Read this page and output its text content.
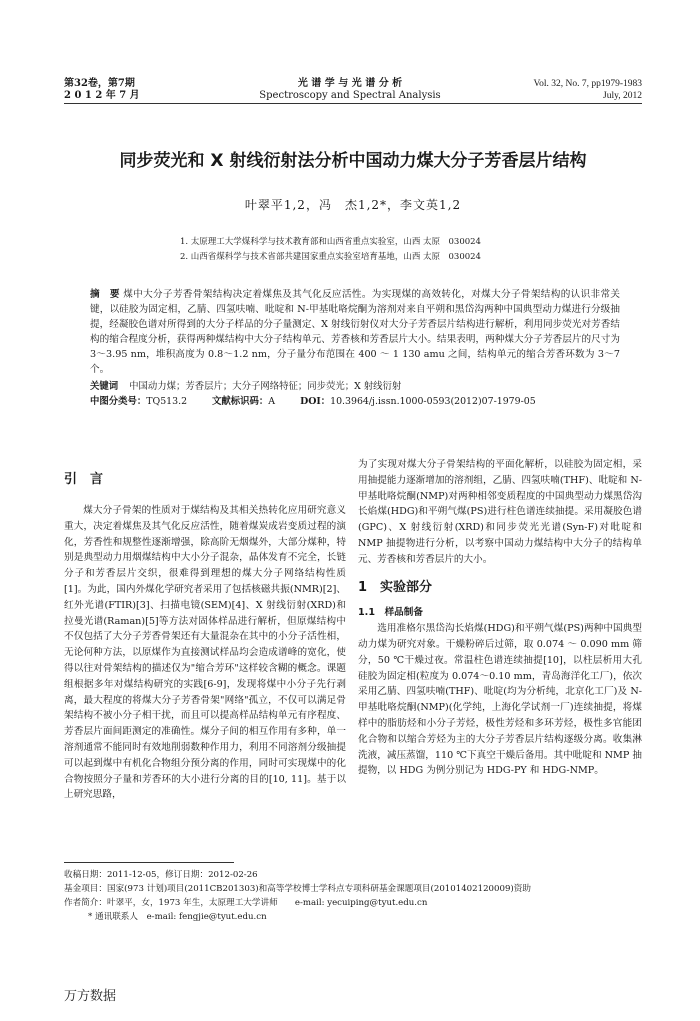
第32卷，第7期
2 0 1 2 年 7 月
光 谱 学 与 光 谱 分 析
Spectroscopy and Spectral Analysis
Vol. 32, No. 7, pp1979-1983
July, 2012
同步荧光和 X 射线衍射法分析中国动力煤大分子芳香层片结构
叶翠平1,2，冯　杰1,2*，李文英1,2
1. 太原理工大学煤科学与技术教育部和山西省重点实验室，山西 太原　030024
2. 山西省煤科学与技术省部共建国家重点实验室培育基地，山西 太原　030024
摘　要 煤中大分子芳香骨架结构决定着煤焦及其气化反应活性。为实现煤的高效转化，对煤大分子骨架结构的认识非常关键，以硅胶为固定相，乙腈、四氢呋喃、吡啶和 N-甲基吡咯烷酮为溶剂对来自平朔和黑岱沟两种中国典型动力煤进行分级抽提，经凝胶色谱对所得到的大分子样品的分子量测定、X 射线衍射仪对大分子芳香层片结构进行解析，利用同步荧光对芳香结构的缩合程度分析，获得两种煤结构中大分子结构单元、芳香核和芳香层片大小。结果表明，两种煤大分子芳香层片的尺寸为 3～3.95 nm，堆积高度为 0.8～1.2 nm，分子量分布范围在 400 ～ 1 130 amu 之间，结构单元的缩合芳香环数为 3～7 个。
关键词 中国动力煤；芳香层片；大分子网络特征；同步荧光；X 射线衍射
中图分类号：TQ513.2	文献标识码：A	DOI：10.3964/j.issn.1000-0593(2012)07-1979-05
引　言
煤大分子骨架的性质对于煤结构及其相关热转化应用研究意义重大，决定着煤焦及其气化反应活性，随着煤炭成岩变质过程的演化，芳香性和规整性逐渐增强，除高阶无烟煤外，大部分煤种，特别是典型动力用烟煤结构中大小分子混杂，晶体发育不完全，长链分子和芳香层片交织，很难得到理想的煤大分子网络结构性质[1]。为此，国内外煤化学研究者采用了包括核磁共振(NMR)[2]、红外光谱(FTIR)[3]、扫描电镜(SEM)[4]、X 射线衍射(XRD)和拉曼光谱(Raman)[5]等方法对固体样品进行解析，但原煤结构中不仅包括了大分子芳香骨架还有大量混杂在其中的小分子活性相，无论何种方法，以原煤作为直接测试样品均会造成谱峰的宽化，使得以往对骨架结构的描述仅为"缩合芳环"这样较含糊的概念。课题组根据多年对煤结构研究的实践[6-9]，发现将煤中小分子先行剥离，最大程度的将煤大分子芳香骨架"网络"孤立，不仅可以满足骨架结构不被小分子相干扰，而且可以提高样品结构单元有序程度、芳香层片面间距测定的准确性。煤分子间的相互作用有多种，单一溶剂通常不能同时有效地削弱数种作用力，利用不同溶剂分级抽提可以起到煤中有机化合物组分预分离的作用，同时可实现煤中的化合物按照分子量和芳香环的大小进行分离的目的[10, 11]。基于以上研究思路，
为了实现对煤大分子骨架结构的平面化解析，以硅胶为固定相，采用抽提能力逐渐增加的溶剂组，乙腈、四氢呋喃(THF)、吡啶和 N-甲基吡咯烷酮(NMP)对两种相邻变质程度的中国典型动力煤黑岱沟长焰煤(HDG)和平朔气煤(PS)进行柱色谱连续抽提。采用凝胶色谱(GPC)、X 射线衍射(XRD)和同步荧光光谱(Syn-F)对吡啶和 NMP 抽提物进行分析，以考察中国动力煤结构中大分子的结构单元、芳香核和芳香层片的大小。
1　实验部分
1.1　样品制备
选用准格尔黑岱沟长焰煤(HDG)和平朔气煤(PS)两种中国典型动力煤为研究对象。干燥粉碎后过筛，取 0.074 ～ 0.090 mm 筛分，50 ℃干燥过夜。常温柱色谱连续抽提[10]，以柱层析用大孔硅胶为固定相(粒度为 0.074～0.10 mm，青岛海洋化工厂)，依次采用乙腈、四氢呋喃(THF)、吡啶(均为分析纯，北京化工厂)及 N-甲基吡咯烷酮(NMP)(化学纯，上海化学试剂一厂)连续抽提，将煤样中的脂肪烃和小分子芳烃，极性芳烃和多环芳烃，极性多官能团化合物和以缩合芳烃为主的大分子芳香层片结构逐级分离。收集淋洗液，减压蒸馏，110 ℃下真空干燥后备用。其中吡啶和 NMP 抽提物，以 HDG 为例分别记为 HDG-PY 和 HDG-NMP。
收稿日期：2011-12-05，修订日期：2012-02-26
基金项目：国家(973 计划)项目(2011CB201303)和高等学校博士学科点专项科研基金课题项目(20101402120009)资助
作者简介：叶翠平，女，1973 年生，太原理工大学讲师　　e-mail: yecuiping@tyut.edu.cn
* 通讯联系人　e-mail: fengjie@tyut.edu.cn
万方数据
